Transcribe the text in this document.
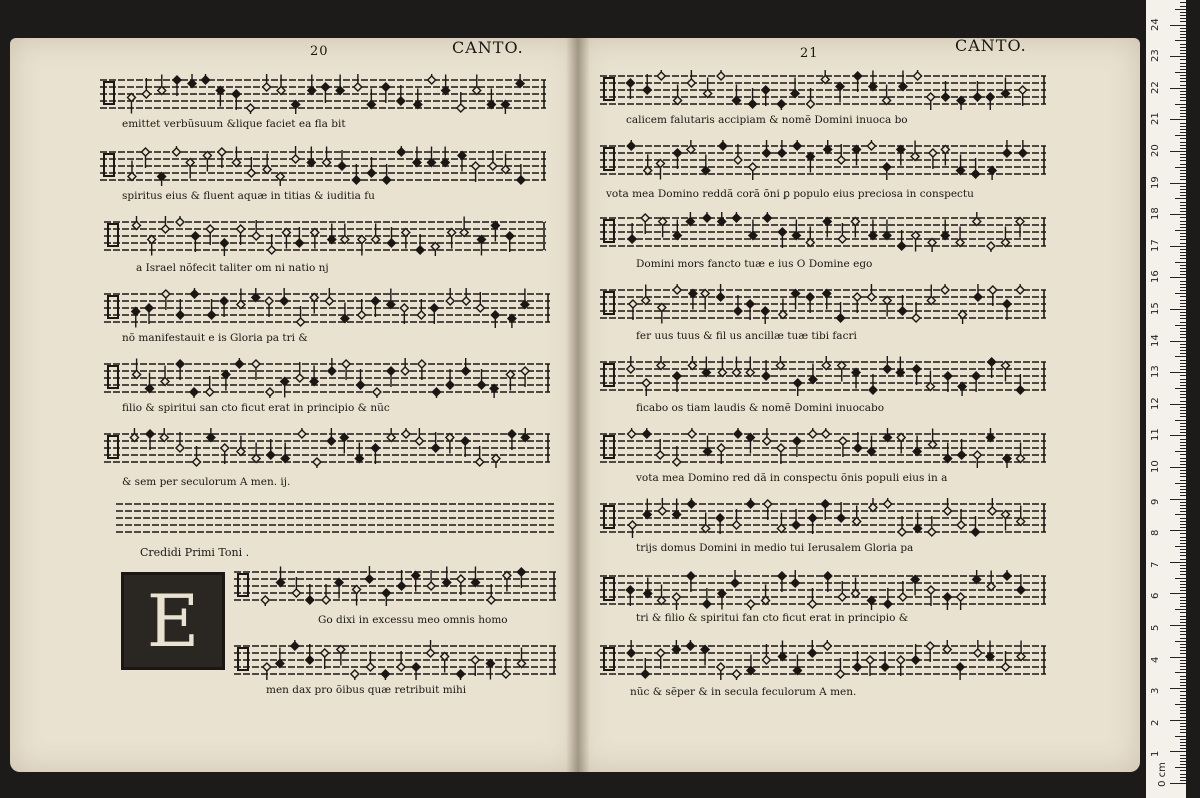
20	CANTO.	21	CANTO.
emittet verbũsuum &lique faciet ea fla bit
spiritus eius & fluent aquæ in titias & iuditia fu
a Israel nõfecit taliter om ni natio nj
nõ manifestauit e is Gloria pa tri &
filio & spiritui san cto ficut erat in principio & nũc
& sem per seculorum A men. ij.
Credidi Primi Toni .
E	Go dixi in excessu meo omnis homo
men dax pro õibus quæ retribuit mihi
calicem falutaris accipiam & nomẽ Domini inuoca bo
vota mea Domino reddã corã õni ꝑ populo eius preciosa in conspectu
Domini mors fancto tuæ e ius O Domine ego
fer uus tuus & fil us ancillæ tuæ tibi facri
ficabo os tiam laudis & nomẽ Domini inuocabo
vota mea Domino red dã in conspectu õnis populi eius in a
trijs domus Domini in medio tui Ierusalem Gloria pa
tri & filio & spiritui fan cto ficut erat in principio &
nũc & sẽper & in secula feculorum A men.
1
2
3
4
5
6
7
8
9
10
11
12
13
14
15
16
17
18
19
20
21
22
23
24
0 cm
